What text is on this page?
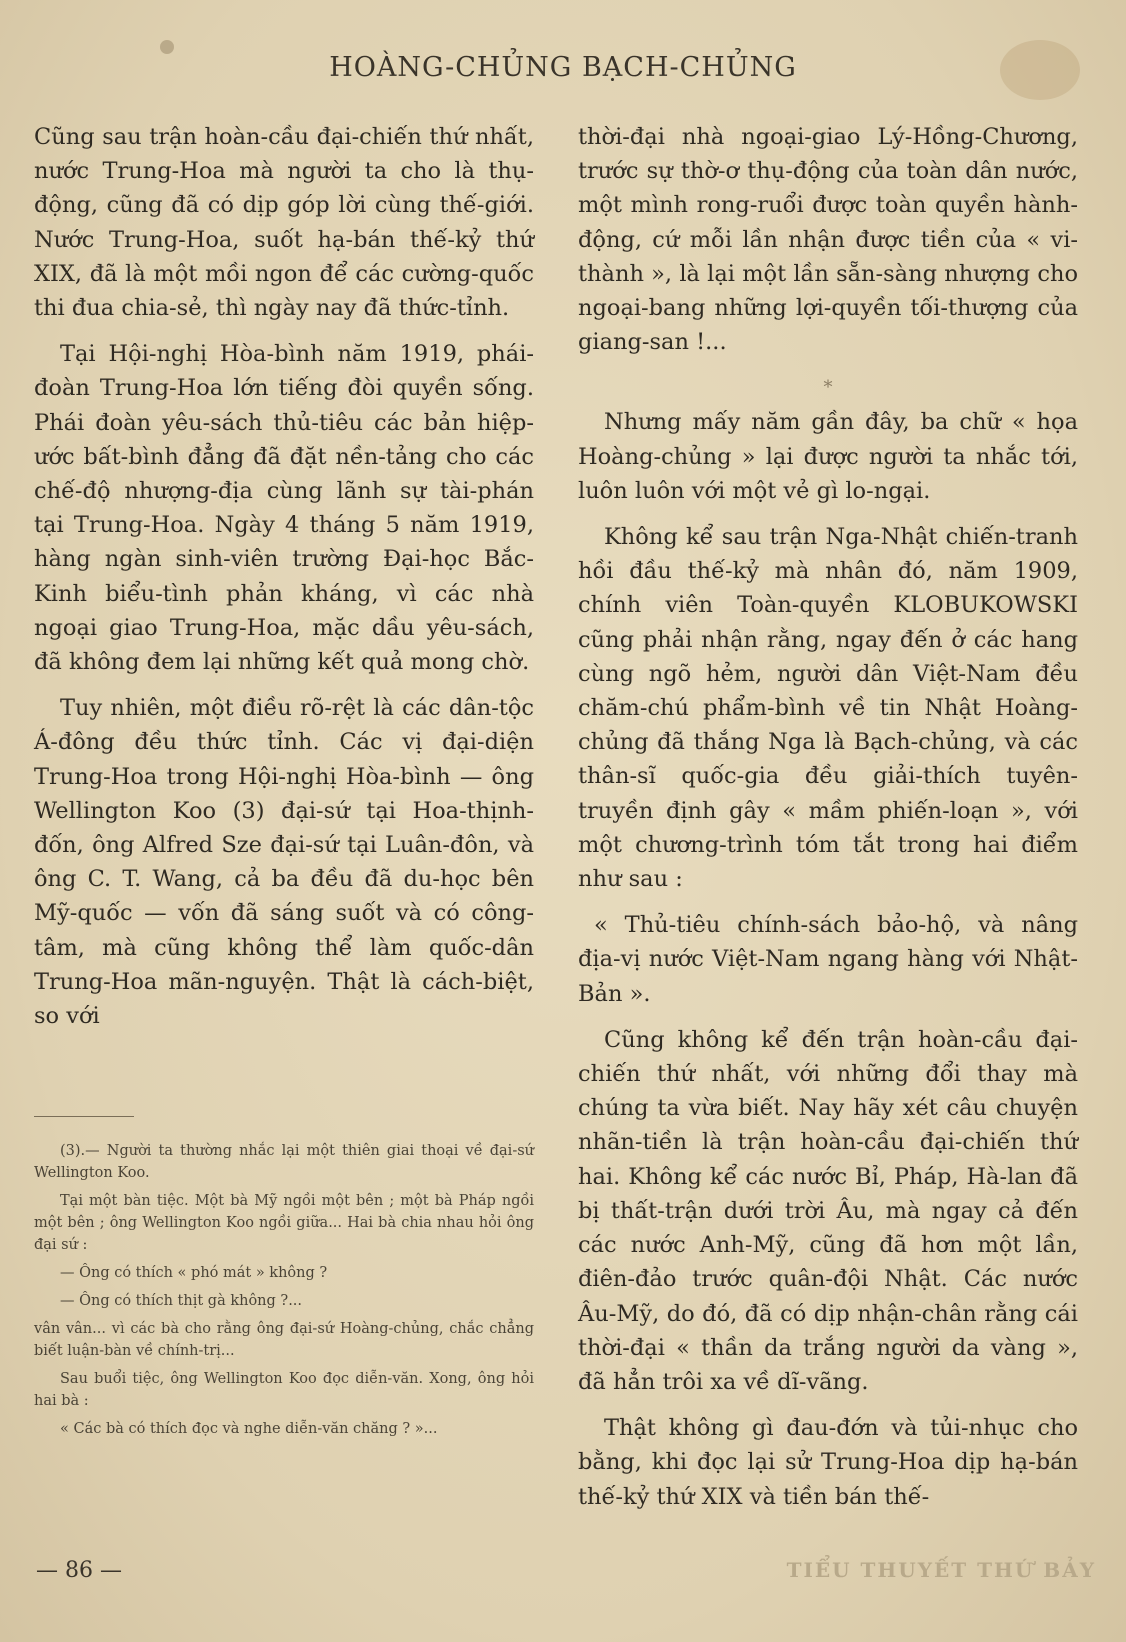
HOÀNG-CHỦNG BẠCH-CHỦNG

Cũng sau trận hoàn-cầu đại-chiến thứ nhất, nước Trung-Hoa mà người ta cho là thụ-động, cũng đã có dịp góp lời cùng thế-giới. Nước Trung-Hoa, suốt hạ-bán thế-kỷ thứ XIX, đã là một mồi ngon để các cường-quốc thi đua chia-sẻ, thì ngày nay đã thức-tỉnh.

Tại Hội-nghị Hòa-bình năm 1919, phái-đoàn Trung-Hoa lớn tiếng đòi quyền sống. Phái đoàn yêu-sách thủ-tiêu các bản hiệp-ước bất-bình đẳng đã đặt nền-tảng cho các chế-độ nhượng-địa cùng lãnh sự tài-phán tại Trung-Hoa. Ngày 4 tháng 5 năm 1919, hàng ngàn sinh-viên trường Đại-học Bắc-Kinh biểu-tình phản kháng, vì các nhà ngoại giao Trung-Hoa, mặc dầu yêu-sách, đã không đem lại những kết quả mong chờ.

Tuy nhiên, một điều rõ-rệt là các dân-tộc Á-đông đều thức tỉnh. Các vị đại-diện Trung-Hoa trong Hội-nghị Hòa-bình — ông Wellington Koo (3) đại-sứ tại Hoa-thịnh-đốn, ông Alfred Sze đại-sứ tại Luân-đôn, và ông C. T. Wang, cả ba đều đã du-học bên Mỹ-quốc — vốn đã sáng suốt và có công-tâm, mà cũng không thể làm quốc-dân Trung-Hoa mãn-nguyện. Thật là cách-biệt, so với

thời-đại nhà ngoại-giao Lý-Hồng-Chương, trước sự thờ-ơ thụ-động của toàn dân nước, một mình rong-ruổi được toàn quyền hành-động, cứ mỗi lần nhận được tiền của « vi-thành », là lại một lần sẵn-sàng nhượng cho ngoại-bang những lợi-quyền tối-thượng của giang-san !...

*

Nhưng mấy năm gần đây, ba chữ « họa Hoàng-chủng » lại được người ta nhắc tới, luôn luôn với một vẻ gì lo-ngại.

Không kể sau trận Nga-Nhật chiến-tranh hồi đầu thế-kỷ mà nhân đó, năm 1909, chính viên Toàn-quyền KLOBUKOWSKI cũng phải nhận rằng, ngay đến ở các hang cùng ngõ hẻm, người dân Việt-Nam đều chăm-chú phẩm-bình về tin Nhật Hoàng-chủng đã thắng Nga là Bạch-chủng, và các thân-sĩ quốc-gia đều giải-thích tuyên-truyền định gây « mầm phiến-loạn », với một chương-trình tóm tắt trong hai điểm như sau :

« Thủ-tiêu chính-sách bảo-hộ, và nâng địa-vị nước Việt-Nam ngang hàng với Nhật-Bản ».

Cũng không kể đến trận hoàn-cầu đại-chiến thứ nhất, với những đổi thay mà chúng ta vừa biết. Nay hãy xét câu chuyện nhãn-tiền là trận hoàn-cầu đại-chiến thứ hai. Không kể các nước Bỉ, Pháp, Hà-lan đã bị thất-trận dưới trời Âu, mà ngay cả đến các nước Anh-Mỹ, cũng đã hơn một lần, điên-đảo trước quân-đội Nhật. Các nước Âu-Mỹ, do đó, đã có dịp nhận-chân rằng cái thời-đại « thần da trắng người da vàng », đã hẳn trôi xa về dĩ-vãng.

Thật không gì đau-đớn và tủi-nhục cho bằng, khi đọc lại sử Trung-Hoa dịp hạ-bán thế-kỷ thứ XIX và tiền bán thế-

(3).— Người ta thường nhắc lại một thiên giai thoại về đại-sứ Wellington Koo.

Tại một bàn tiệc. Một bà Mỹ ngồi một bên ; một bà Pháp ngồi một bên ; ông Wellington Koo ngồi giữa... Hai bà chia nhau hỏi ông đại sứ :

— Ông có thích « phó mát » không ?

— Ông có thích thịt gà không ?...

vân vân... vì các bà cho rằng ông đại-sứ Hoàng-chủng, chắc chẳng biết luận-bàn về chính-trị...

Sau buổi tiệc, ông Wellington Koo đọc diễn-văn. Xong, ông hỏi hai bà :

« Các bà có thích đọc và nghe diễn-văn chăng ? »...

— 86 —	TIỂU THUYẾT THỨ BẢY
